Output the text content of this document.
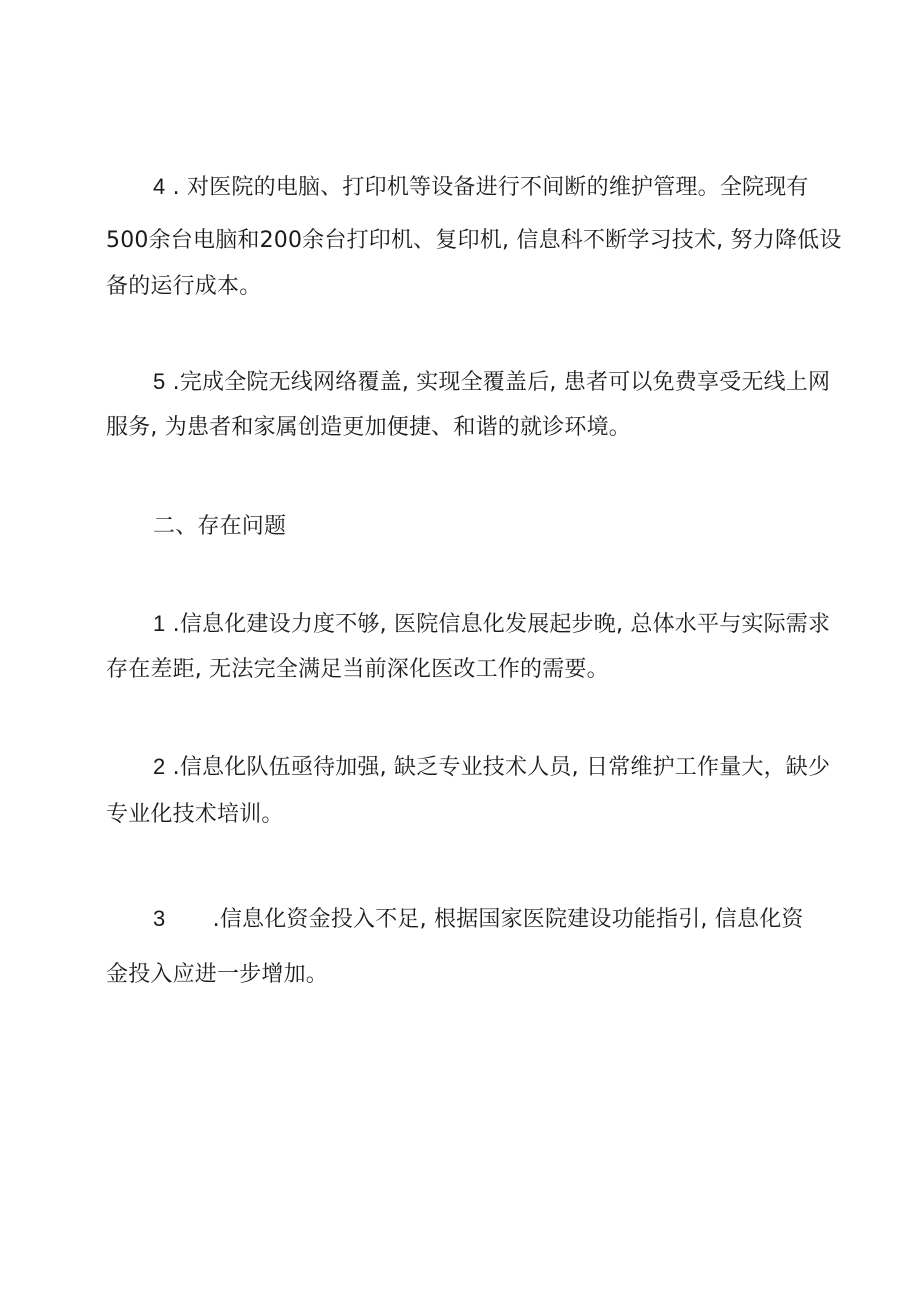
4 . 对医院的电脑、打印机等设备进行不间断的维护管理。全院现有
500余台电脑和200余台打印机、复印机, 信息科不断学习技术, 努力降低设
备的运行成本。
5 .完成全院无线网络覆盖, 实现全覆盖后, 患者可以免费享受无线上网
服务, 为患者和家属创造更加便捷、和谐的就诊环境。
二、存在问题
1 .信息化建设力度不够, 医院信息化发展起步晚, 总体水平与实际需求
存在差距, 无法完全满足当前深化医改工作的需要。
2 .信息化队伍亟待加强, 缺乏专业技术人员, 日常维护工作量大，缺少
专业化技术培训。
3 .信息化资金投入不足, 根据国家医院建设功能指引, 信息化资
金投入应进一步增加。
